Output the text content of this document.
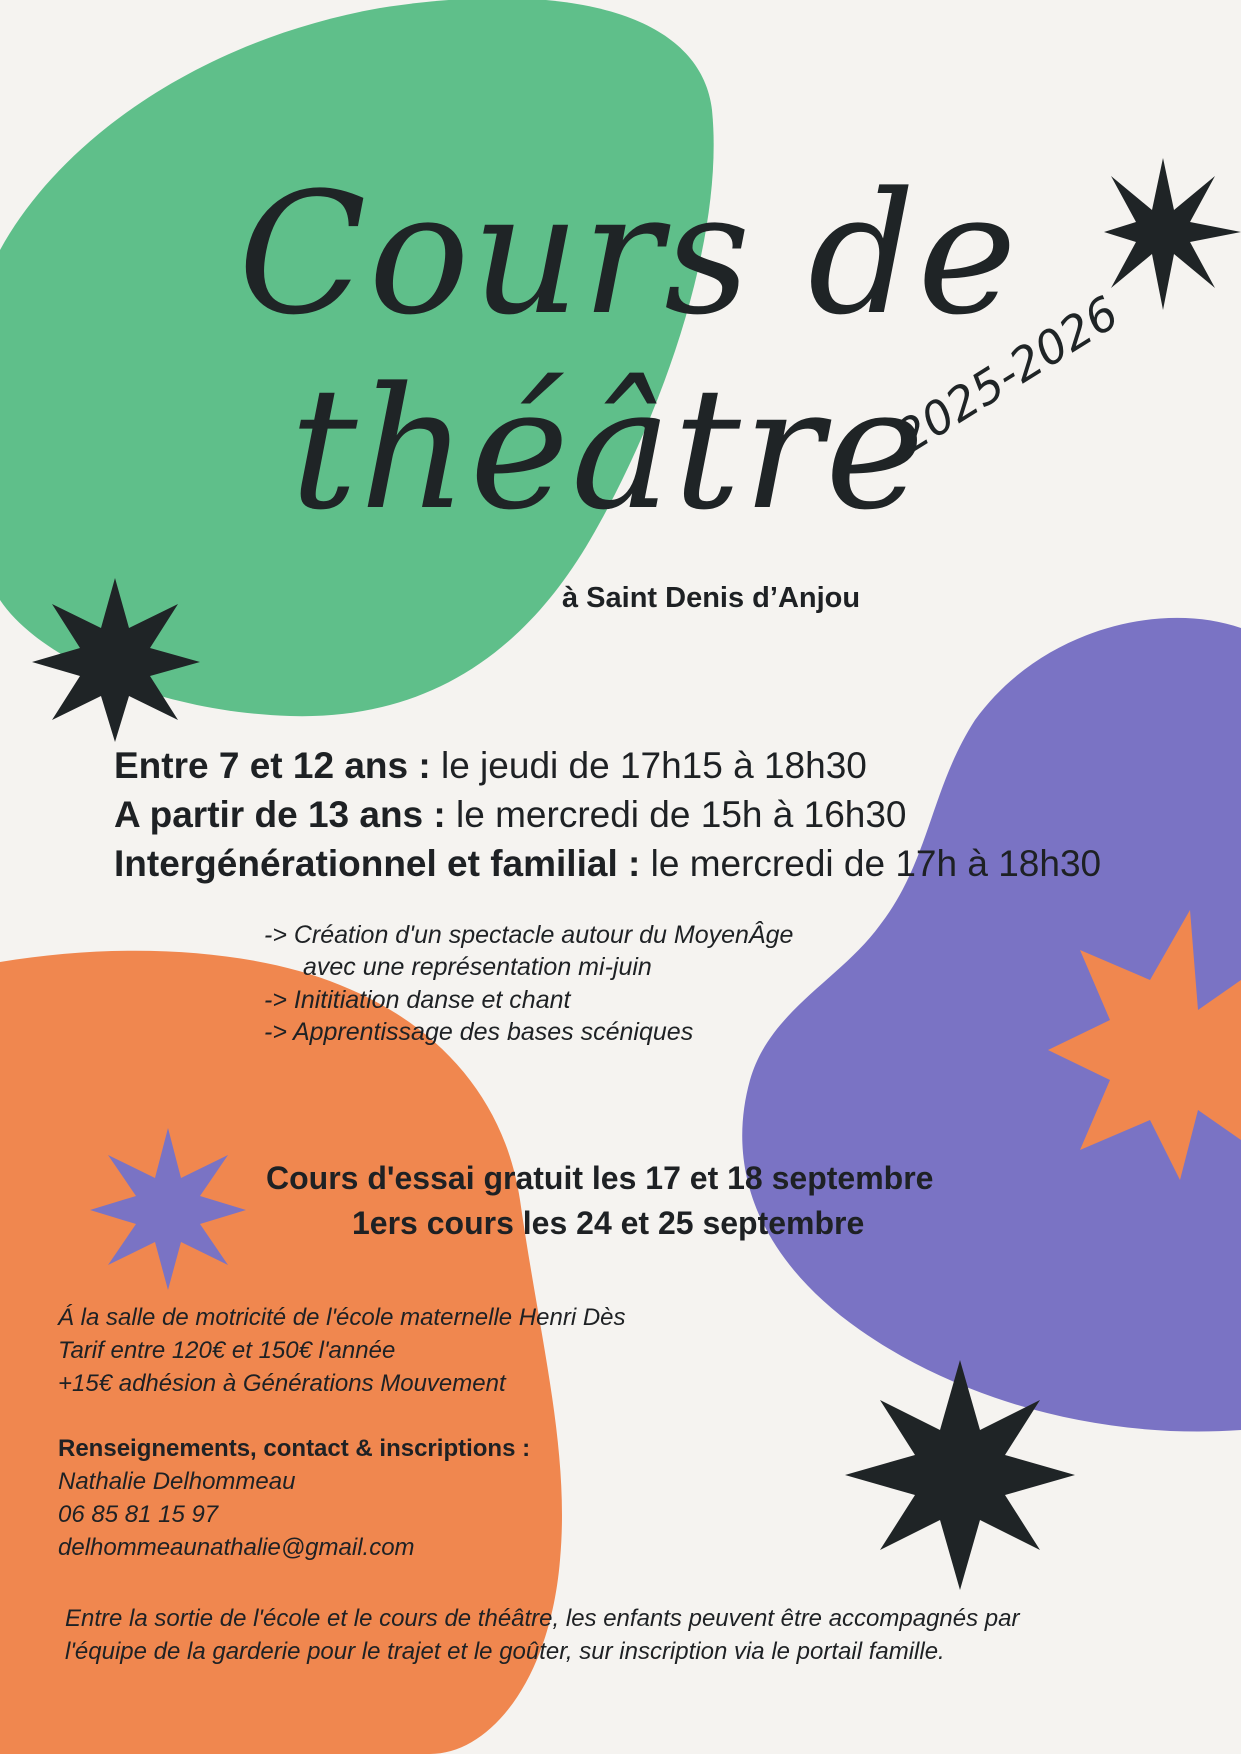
Cours de
théâtre
2025-2026
à Saint Denis d’Anjou
Entre 7 et 12 ans : le jeudi de 17h15 à 18h30
A partir de 13 ans : le mercredi de 15h à 16h30
Intergénérationnel et familial : le mercredi de 17h à 18h30
-> Création d'un spectacle autour du MoyenÂge
avec une représentation mi-juin
-> Inititiation danse et chant
-> Apprentissage des bases scéniques
Cours d'essai gratuit les 17 et 18 septembre
1ers cours les 24 et 25 septembre
Á la salle de motricité de l'école maternelle Henri Dès
Tarif entre 120€ et 150€ l'année
+15€ adhésion à Générations Mouvement
Renseignements, contact & inscriptions :
Nathalie Delhommeau
06 85 81 15 97
delhommeaunathalie@gmail.com
Entre la sortie de l'école et le cours de théâtre, les enfants peuvent être accompagnés par
l'équipe de la garderie pour le trajet et le goûter, sur inscription via le portail famille.
